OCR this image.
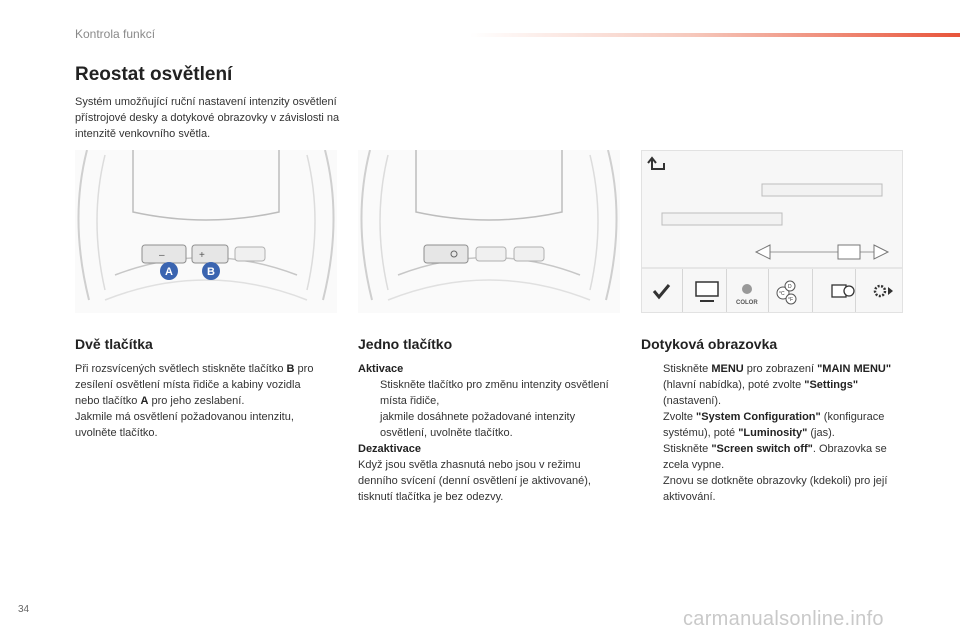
Kontrola funkcí
Reostat osvětlení
Systém umožňující ruční nastavení intenzity osvětlení přístrojové desky a dotykové obrazovky v závislosti na intenzitě venkovního světla.
–	+
A	B
COLOR
°C
D
°F
Dvě tlačítka

Při rozsvícených světlech stiskněte tlačítko B pro zesílení osvětlení místa řidiče a kabiny vozidla nebo tlačítko A pro jeho zeslabení.

Jakmile má osvětlení požadovanou intenzitu, uvolněte tlačítko.

Jedno tlačítko

Aktivace

Stiskněte tlačítko pro změnu intenzity osvětlení místa řidiče,

jakmile dosáhnete požadované intenzity osvětlení, uvolněte tlačítko.

Dezaktivace

Když jsou světla zhasnutá nebo jsou v režimu denního svícení (denní osvětlení je aktivované), tisknutí tlačítka je bez odezvy.

Dotyková obrazovka

Stiskněte MENU pro zobrazení "MAIN MENU" (hlavní nabídka), poté zvolte "Settings" (nastavení).

Zvolte "System Configuration" (konfigurace systému), poté "Luminosity" (jas).

Stiskněte "Screen switch off". Obrazovka se zcela vypne.

Znovu se dotkněte obrazovky (kdekoli) pro její aktivování.

34	carmanualsonline.info
